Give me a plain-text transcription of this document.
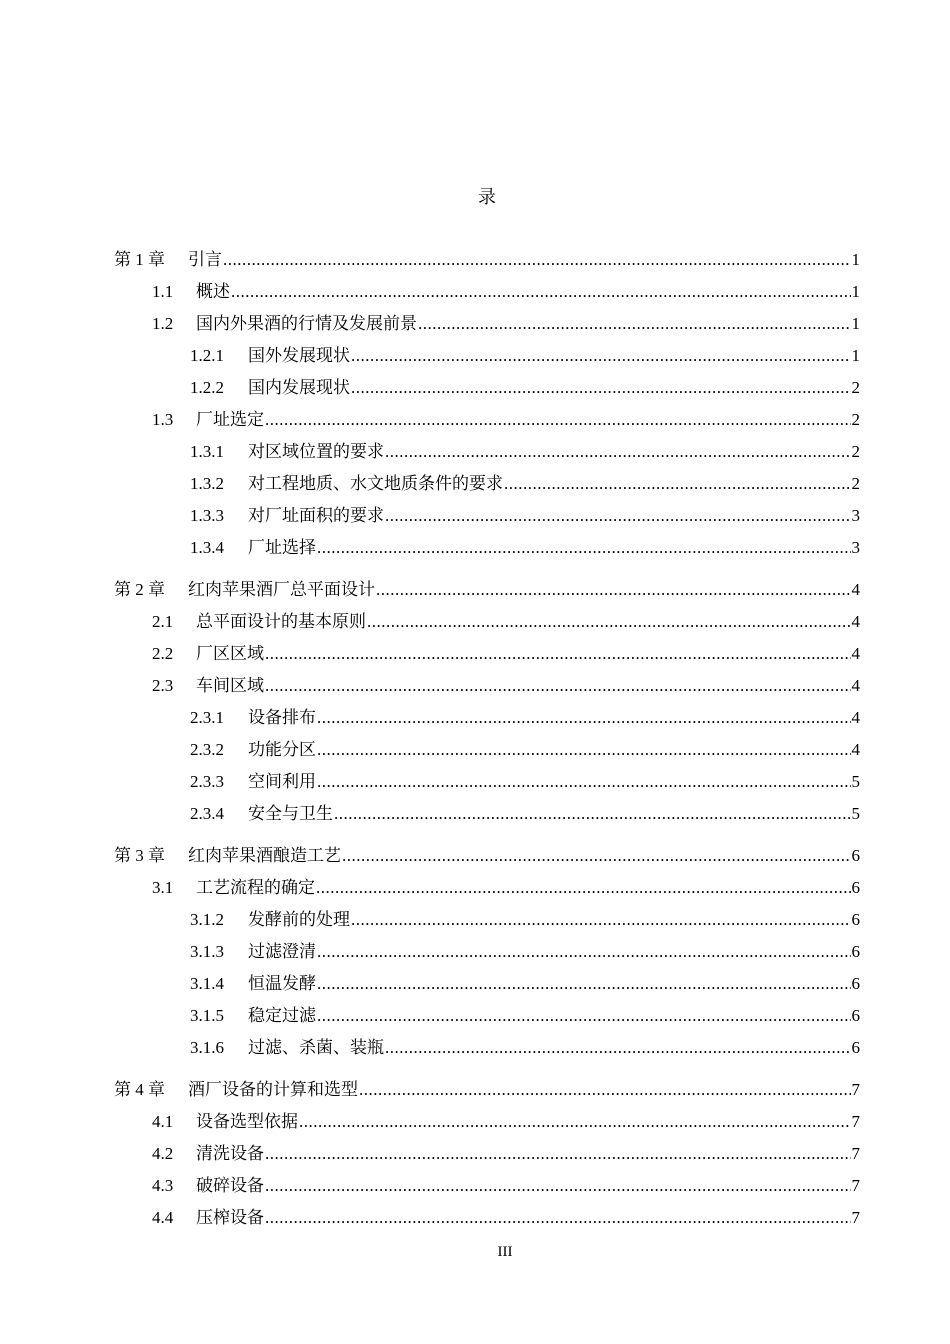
录
第 1 章	引言 .....	1
1.1	概述 .....	1
1.2	国内外果酒的行情及发展前景 .....	1
1.2.1	国外发展现状 .....	1
1.2.2	国内发展现状 .....	2
1.3	厂址选定 .....	2
1.3.1	对区域位置的要求 .....	2
1.3.2	对工程地质、水文地质条件的要求 .....	2
1.3.3	对厂址面积的要求 .....	3
1.3.4	厂址选择 .....	3
第 2 章	红肉苹果酒厂总平面设计 .....	4
2.1	总平面设计的基本原则 .....	4
2.2	厂区区域 .....	4
2.3	车间区域 .....	4
2.3.1	设备排布 .....	4
2.3.2	功能分区 .....	4
2.3.3	空间利用 .....	5
2.3.4	安全与卫生 .....	5
第 3 章	红肉苹果酒酿造工艺 .....	6
3.1	工艺流程的确定 .....	6
3.1.2	发酵前的处理 .....	6
3.1.3	过滤澄清 .....	6
3.1.4	恒温发酵 .....	6
3.1.5	稳定过滤 .....	6
3.1.6	过滤、杀菌、装瓶 .....	6
第 4 章	酒厂设备的计算和选型 .....	7
4.1	设备选型依据 .....	7
4.2	清洗设备 .....	7
4.3	破碎设备 .....	7
4.4	压榨设备 .....	7
III
